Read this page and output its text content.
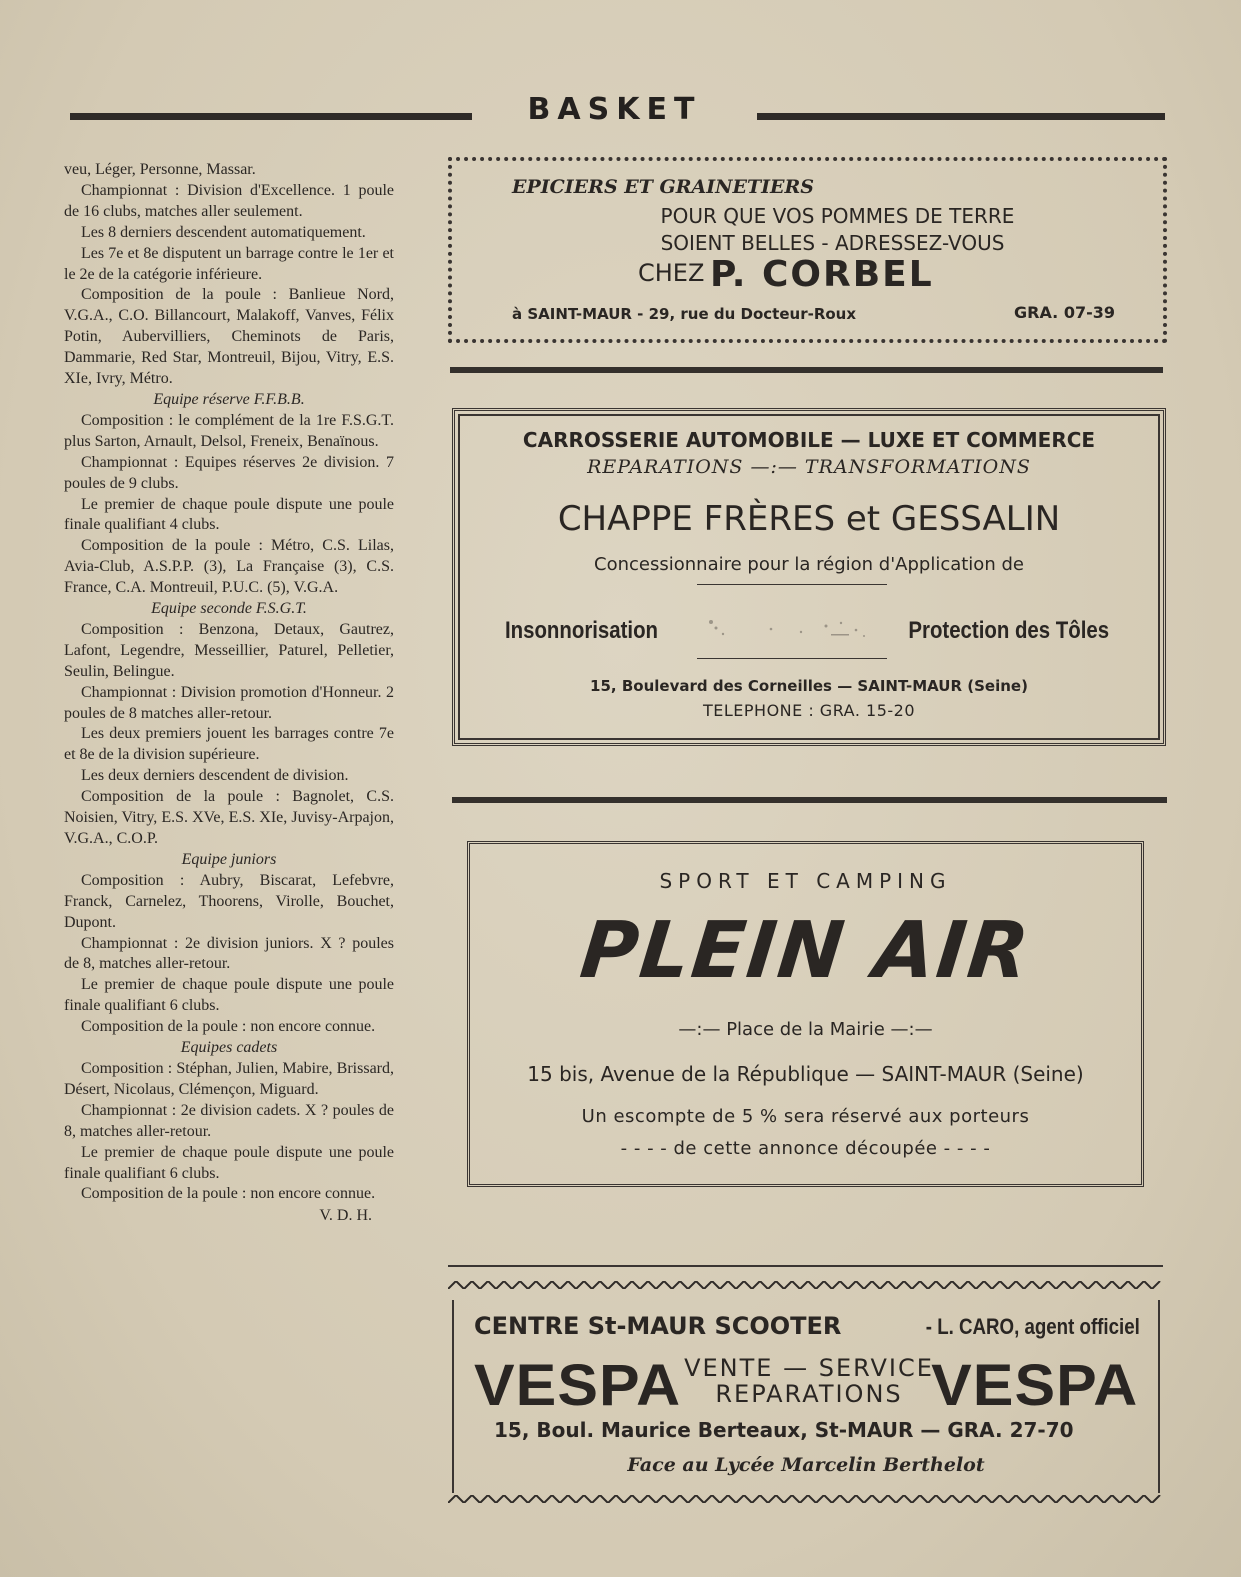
BASKET

veu, Léger, Personne, Massar.

Championnat : Division d'Excellence. 1 poule de 16 clubs, matches aller seulement.

Les 8 derniers descendent automatiquement.

Les 7e et 8e disputent un barrage contre le 1er et le 2e de la catégorie inférieure.

Composition de la poule : Banlieue Nord, V.G.A., C.O. Billancourt, Malakoff, Vanves, Félix Potin, Aubervilliers, Cheminots de Paris, Dammarie, Red Star, Montreuil, Bijou, Vitry, E.S. XIe, Ivry, Métro.

Equipe réserve F.F.B.B.

Composition : le complément de la 1re F.S.G.T. plus Sarton, Arnault, Delsol, Freneix, Benaïnous.

Championnat : Equipes réserves 2e division. 7 poules de 9 clubs.

Le premier de chaque poule dispute une poule finale qualifiant 4 clubs.

Composition de la poule : Métro, C.S. Lilas, Avia-Club, A.S.P.P. (3), La Française (3), C.S. France, C.A. Montreuil, P.U.C. (5), V.G.A.

Equipe seconde F.S.G.T.

Composition : Benzona, Detaux, Gautrez, Lafont, Legendre, Messeillier, Paturel, Pelletier, Seulin, Belingue.

Championnat : Division promotion d'Honneur. 2 poules de 8 matches aller-retour.

Les deux premiers jouent les barrages contre 7e et 8e de la division supérieure.

Les deux derniers descendent de division.

Composition de la poule : Bagnolet, C.S. Noisien, Vitry, E.S. XVe, E.S. XIe, Juvisy-Arpajon, V.G.A., C.O.P.

Equipe juniors

Composition : Aubry, Biscarat, Lefebvre, Franck, Carnelez, Thoorens, Virolle, Bouchet, Dupont.

Championnat : 2e division juniors. X ? poules de 8, matches aller-retour.

Le premier de chaque poule dispute une poule finale qualifiant 6 clubs.

Composition de la poule : non encore connue.

Equipes cadets

Composition : Stéphan, Julien, Mabire, Brissard, Désert, Nicolaus, Clémençon, Miguard.

Championnat : 2e division cadets. X ? poules de 8, matches aller-retour.

Le premier de chaque poule dispute une poule finale qualifiant 6 clubs.

Composition de la poule : non encore connue.

V. D. H.

EPICIERS ET GRAINETIERS
POUR QUE VOS POMMES DE TERRE
SOIENT BELLES - ADRESSEZ-VOUS
CHEZ P. CORBEL
à SAINT-MAUR - 29, rue du Docteur-Roux	GRA. 07-39
CARROSSERIE AUTOMOBILE — LUXE ET COMMERCE
REPARATIONS —:— TRANSFORMATIONS
CHAPPE FRÈRES et GESSALIN
Concessionnaire pour la région d'Application de
Insonnorisation	Protection des Tôles
15, Boulevard des Corneilles — SAINT-MAUR (Seine)
TELEPHONE : GRA. 15-20
SPORT ET CAMPING
PLEIN AIR
—:— Place de la Mairie —:—
15 bis, Avenue de la République — SAINT-MAUR (Seine)
Un escompte de 5 % sera réservé aux porteurs
- - - - de cette annonce découpée - - - -
CENTRE St-MAUR SCOOTER	- L. CARO, agent officiel
VESPA VENTE — SERVICE
REPARATIONS VESPA
15, Boul. Maurice Berteaux, St-MAUR — GRA. 27-70
Face au Lycée Marcelin Berthelot
